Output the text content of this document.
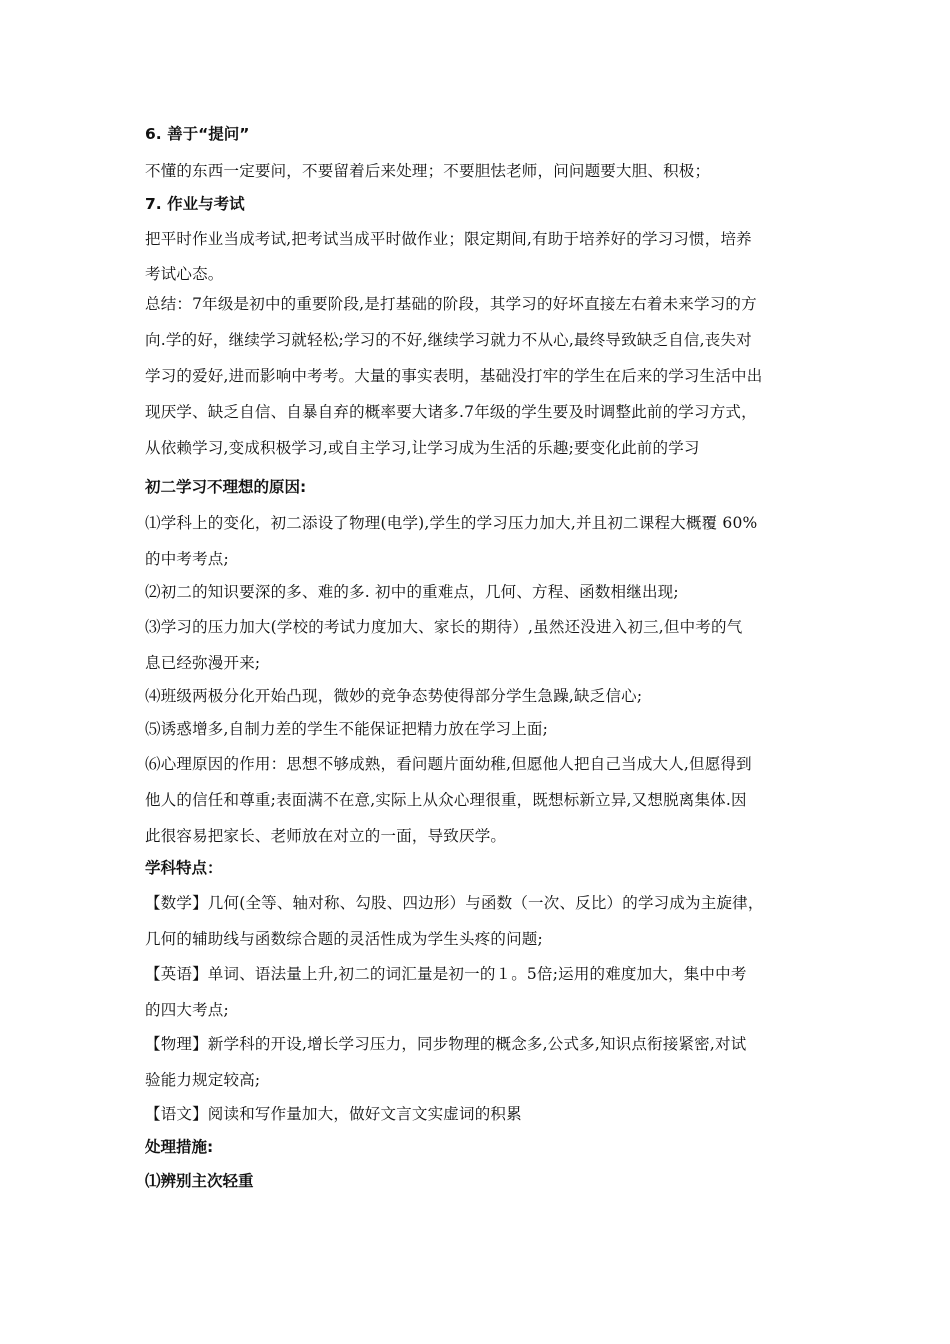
6. 善于“提问”
不懂的东西一定要问，不要留着后来处理；不要胆怯老师，问问题要大胆、积极；
7. 作业与考试
把平时作业当成考试,把考试当成平时做作业；限定期间,有助于培养好的学习习惯，培养
考试心态。
总结：7年级是初中的重要阶段,是打基础的阶段，其学习的好坏直接左右着未来学习的方
向.学的好，继续学习就轻松;学习的不好,继续学习就力不从心,最终导致缺乏自信,丧失对
学习的爱好,进而影响中考考。大量的事实表明，基础没打牢的学生在后来的学习生活中出
现厌学、缺乏自信、自暴自弃的概率要大诸多.7年级的学生要及时调整此前的学习方式，
从依赖学习,变成积极学习,或自主学习,让学习成为生活的乐趣;要变化此前的学习
初二学习不理想的原因:
⑴学科上的变化，初二添设了物理(电学),学生的学习压力加大,并且初二课程大概覆 60%
的中考考点;
⑵初二的知识要深的多、难的多. 初中的重难点，几何、方程、函数相继出现;
⑶学习的压力加大(学校的考试力度加大、家长的期待）,虽然还没进入初三,但中考的气
息已经弥漫开来;
⑷班级两极分化开始凸现，微妙的竞争态势使得部分学生急躁,缺乏信心;
⑸诱惑增多,自制力差的学生不能保证把精力放在学习上面;
⑹心理原因的作用：思想不够成熟，看问题片面幼稚,但愿他人把自己当成大人,但愿得到
他人的信任和尊重;表面满不在意,实际上从众心理很重，既想标新立异,又想脱离集体.因
此很容易把家长、老师放在对立的一面，导致厌学。
学科特点：
【数学】几何(全等、轴对称、勾股、四边形）与函数（一次、反比）的学习成为主旋律，
几何的辅助线与函数综合题的灵活性成为学生头疼的问题;
【英语】单词、语法量上升,初二的词汇量是初一的１。5倍;运用的难度加大，集中中考
的四大考点;
【物理】新学科的开设,增长学习压力，同步物理的概念多,公式多,知识点衔接紧密,对试
验能力规定较高;
【语文】阅读和写作量加大，做好文言文实虚词的积累
处理措施:
⑴辨别主次轻重
